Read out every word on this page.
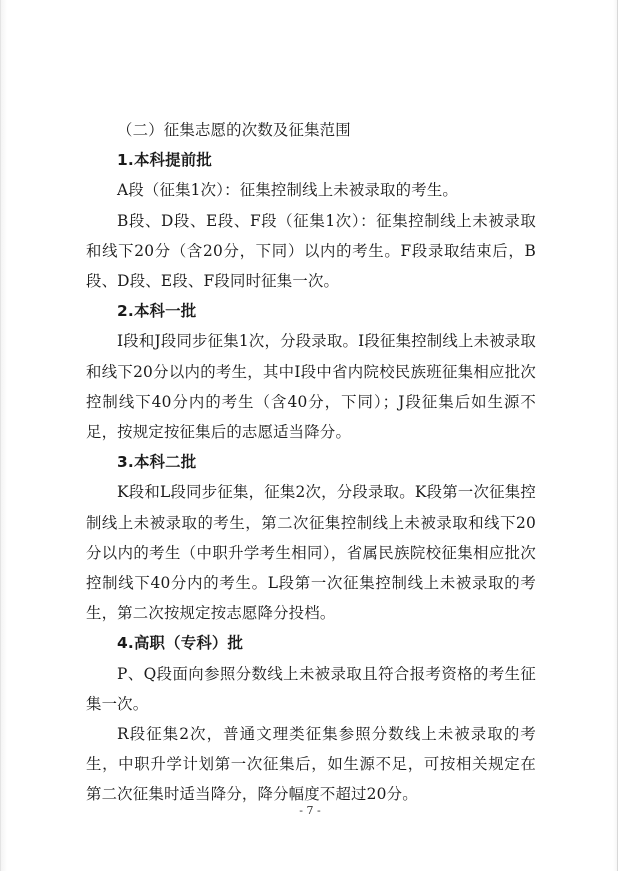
（二）征集志愿的次数及征集范围

1.本科提前批

A段（征集1次）：征集控制线上未被录取的考生。

B段、D段、E段、F段（征集1次）：征集控制线上未被录取和线下20分（含20分，下同）以内的考生。F段录取结束后，B段、D段、E段、F段同时征集一次。

2.本科一批

I段和J段同步征集1次，分段录取。I段征集控制线上未被录取和线下20分以内的考生，其中I段中省内院校民族班征集相应批次控制线下40分内的考生（含40分，下同）；J段征集后如生源不足，按规定按征集后的志愿适当降分。

3.本科二批

K段和L段同步征集，征集2次，分段录取。K段第一次征集控制线上未被录取的考生，第二次征集控制线上未被录取和线下20分以内的考生（中职升学考生相同），省属民族院校征集相应批次控制线下40分内的考生。L段第一次征集控制线上未被录取的考生，第二次按规定按志愿降分投档。

4.高职（专科）批

P、Q段面向参照分数线上未被录取且符合报考资格的考生征集一次。

R段征集2次，普通文理类征集参照分数线上未被录取的考生，中职升学计划第一次征集后，如生源不足，可按相关规定在第二次征集时适当降分，降分幅度不超过20分。

- 7 -
